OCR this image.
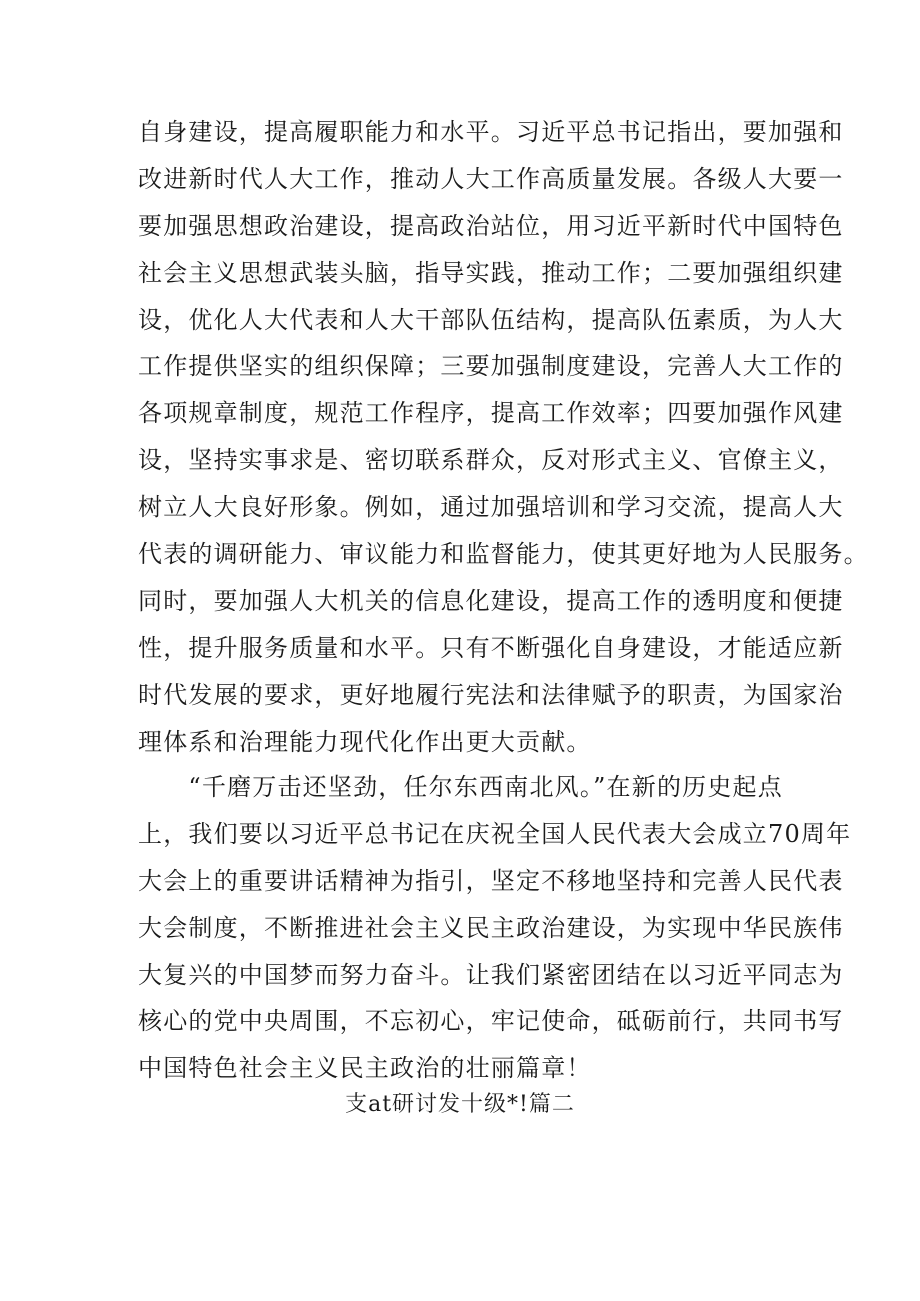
自身建设，提高履职能力和水平。习近平总书记指出，要加强和
改进新时代人大工作，推动人大工作高质量发展。各级人大要一
要加强思想政治建设，提高政治站位，用习近平新时代中国特色
社会主义思想武装头脑，指导实践，推动工作；二要加强组织建
设，优化人大代表和人大干部队伍结构，提高队伍素质，为人大
工作提供坚实的组织保障；三要加强制度建设，完善人大工作的
各项规章制度，规范工作程序，提高工作效率；四要加强作风建
设，坚持实事求是、密切联系群众，反对形式主义、官僚主义，
树立人大良好形象。例如，通过加强培训和学习交流，提高人大
代表的调研能力、审议能力和监督能力，使其更好地为人民服务。
同时，要加强人大机关的信息化建设，提高工作的透明度和便捷
性，提升服务质量和水平。只有不断强化自身建设，才能适应新
时代发展的要求，更好地履行宪法和法律赋予的职责，为国家治
理体系和治理能力现代化作出更大贡献。
　　“千磨万击还坚劲，任尔东西南北风。”在新的历史起点
上，我们要以习近平总书记在庆祝全国人民代表大会成立70周年
大会上的重要讲话精神为指引，坚定不移地坚持和完善人民代表
大会制度，不断推进社会主义民主政治建设，为实现中华民族伟
大复兴的中国梦而努力奋斗。让我们紧密团结在以习近平同志为
核心的党中央周围，不忘初心，牢记使命，砥砺前行，共同书写
中国特色社会主义民主政治的壮丽篇章！
支at研讨发十级*!篇二
